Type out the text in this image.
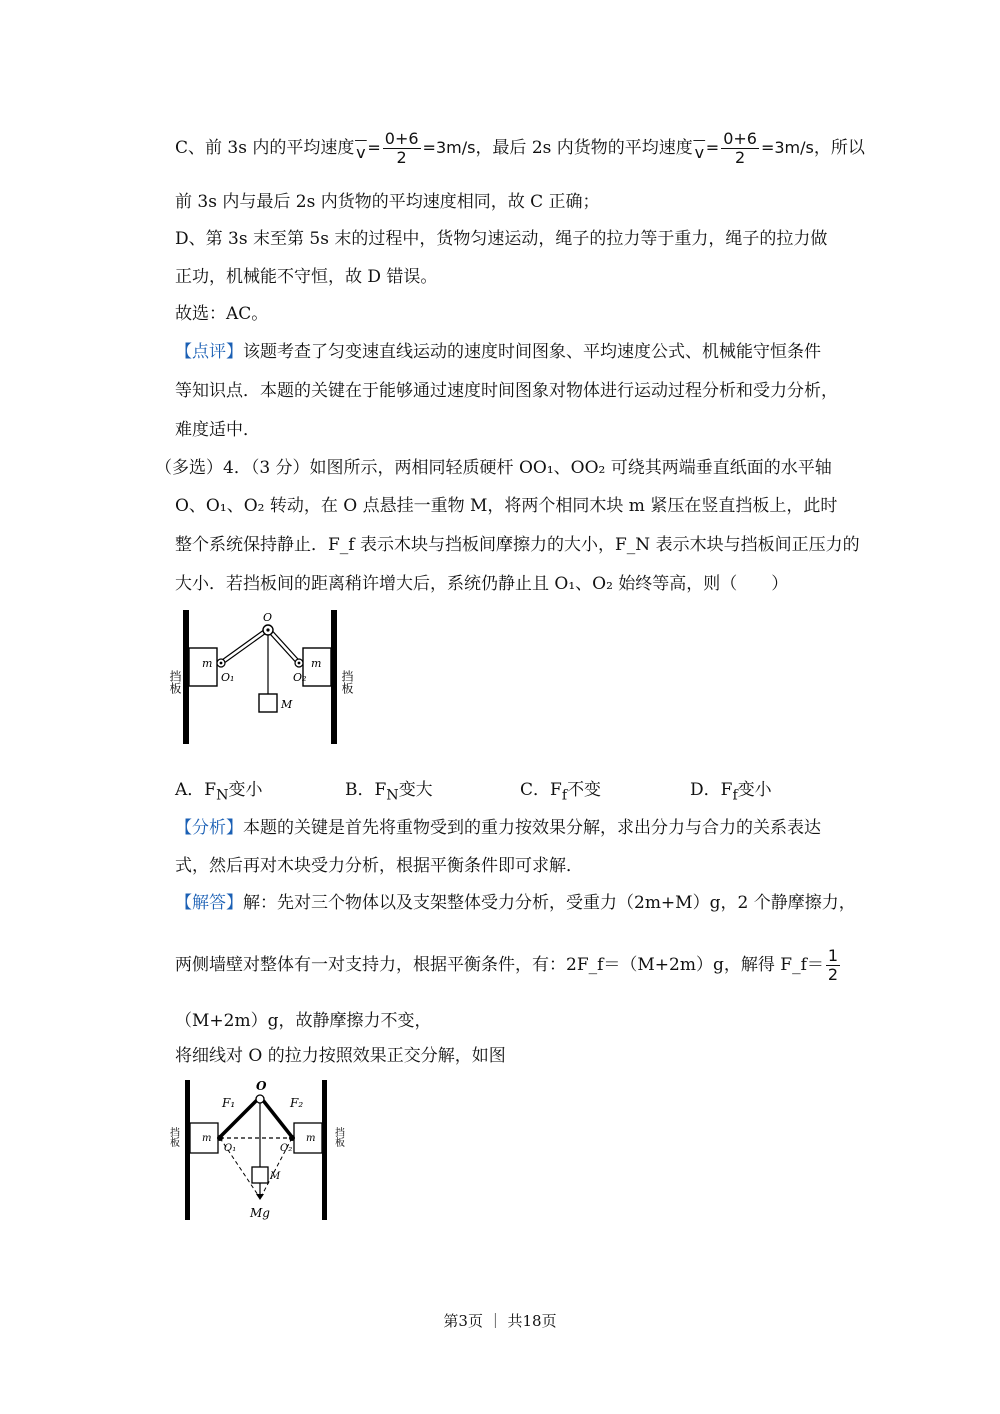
C、前 3s 内的平均速度 —
$v = \frac{0+6}{2} =3m/s$，最后 2s 内货物的平均速度 —
$v = \frac{0+6}{2} =3m/s$，所以
前 3s 内与最后 2s 内货物的平均速度相同，故 C 正确；
D、第 3s 末至第 5s 末的过程中，货物匀速运动，绳子的拉力等于重力，绳子的拉力做
正功，机械能不守恒，故 D 错误。
故选：AC。
【点评】该题考查了匀变速直线运动的速度时间图象、平均速度公式、机械能守恒条件
等知识点．本题的关键在于能够通过速度时间图象对物体进行运动过程分析和受力分析，
难度适中．
（多选）4．（3 分）如图所示，两相同轻质硬杆 OO₁、OO₂ 可绕其两端垂直纸面的水平轴
O、O₁、O₂ 转动，在 O 点悬挂一重物 M，将两个相同木块 m 紧压在竖直挡板上，此时
整个系统保持静止．F_f 表示木块与挡板间摩擦力的大小，F_N 表示木块与挡板间正压力的
大小．若挡板间的距离稍许增大后，系统仍静止且 O₁、O₂ 始终等高，则（　　）
O
m	m
O₁	O₂
M
挡板	挡板
A．$F_N$变小	B．$F_N$变大	C．$F_f$不变	D．$F_f$变小
【分析】本题的关键是首先将重物受到的重力按效果分解，求出分力与合力的关系表达
式，然后再对木块受力分析，根据平衡条件即可求解．
【解答】解：先对三个物体以及支架整体受力分析，受重力（2m+M）g，2 个静摩擦力，
两侧墙壁对整体有一对支持力，根据平衡条件，有：2F_f＝（M+2m）g，解得 F_f＝ $\frac{1}{2}$
（M+2m）g，故静摩擦力不变，
将细线对 O 的拉力按照效果正交分解，如图
O
F₁	F₂
m	m
O₁	O₂
M
Mg
挡板	挡板
第3页 ｜ 共18页
